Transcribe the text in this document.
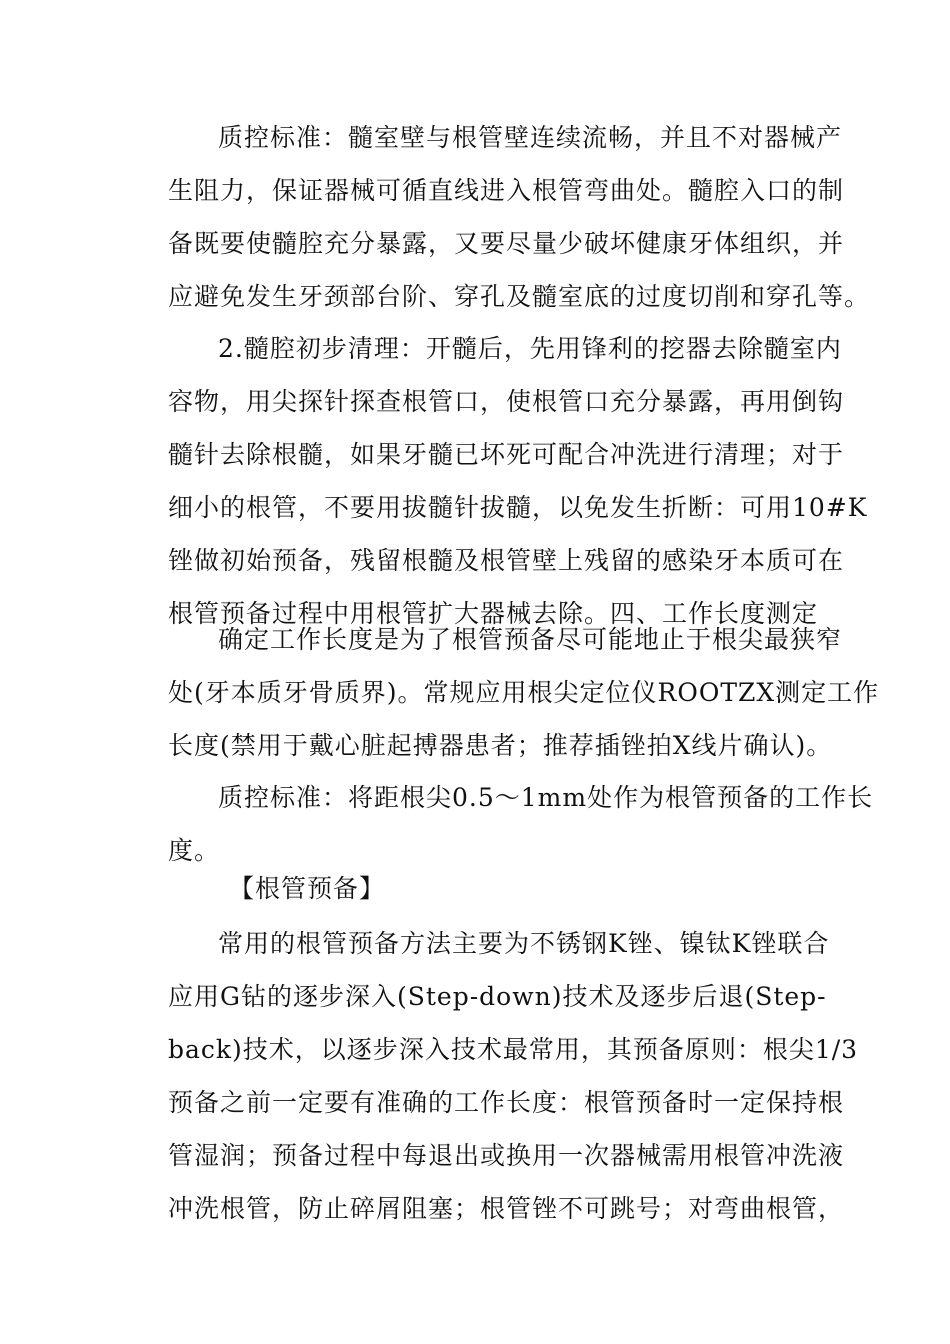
质控标准：髓室壁与根管壁连续流畅，并且不对器械产
生阻力，保证器械可循直线进入根管弯曲处。髓腔入口的制
备既要使髓腔充分暴露，又要尽量少破坏健康牙体组织，并
应避免发生牙颈部台阶、穿孔及髓室底的过度切削和穿孔等。
2.髓腔初步清理：开髓后，先用锋利的挖器去除髓室内
容物，用尖探针探查根管口，使根管口充分暴露，再用倒钩
髓针去除根髓，如果牙髓已坏死可配合冲洗进行清理；对于
细小的根管，不要用拔髓针拔髓，以免发生折断：可用10#K
锉做初始预备，残留根髓及根管壁上残留的感染牙本质可在
根管预备过程中用根管扩大器械去除。四、工作长度测定
确定工作长度是为了根管预备尽可能地止于根尖最狭窄
处(牙本质牙骨质界)。常规应用根尖定位仪ROOTZX测定工作
长度(禁用于戴心脏起搏器患者；推荐插锉拍X线片确认)。
质控标准：将距根尖0.5〜1mm处作为根管预备的工作长
度。
【根管预备】
常用的根管预备方法主要为不锈钢K锉、镍钛K锉联合
应用G钻的逐步深入(Step-down)技术及逐步后退(Step-
back)技术，以逐步深入技术最常用，其预备原则：根尖1/3
预备之前一定要有准确的工作长度：根管预备时一定保持根
管湿润；预备过程中每退出或换用一次器械需用根管冲洗液
冲洗根管，防止碎屑阻塞；根管锉不可跳号；对弯曲根管，
